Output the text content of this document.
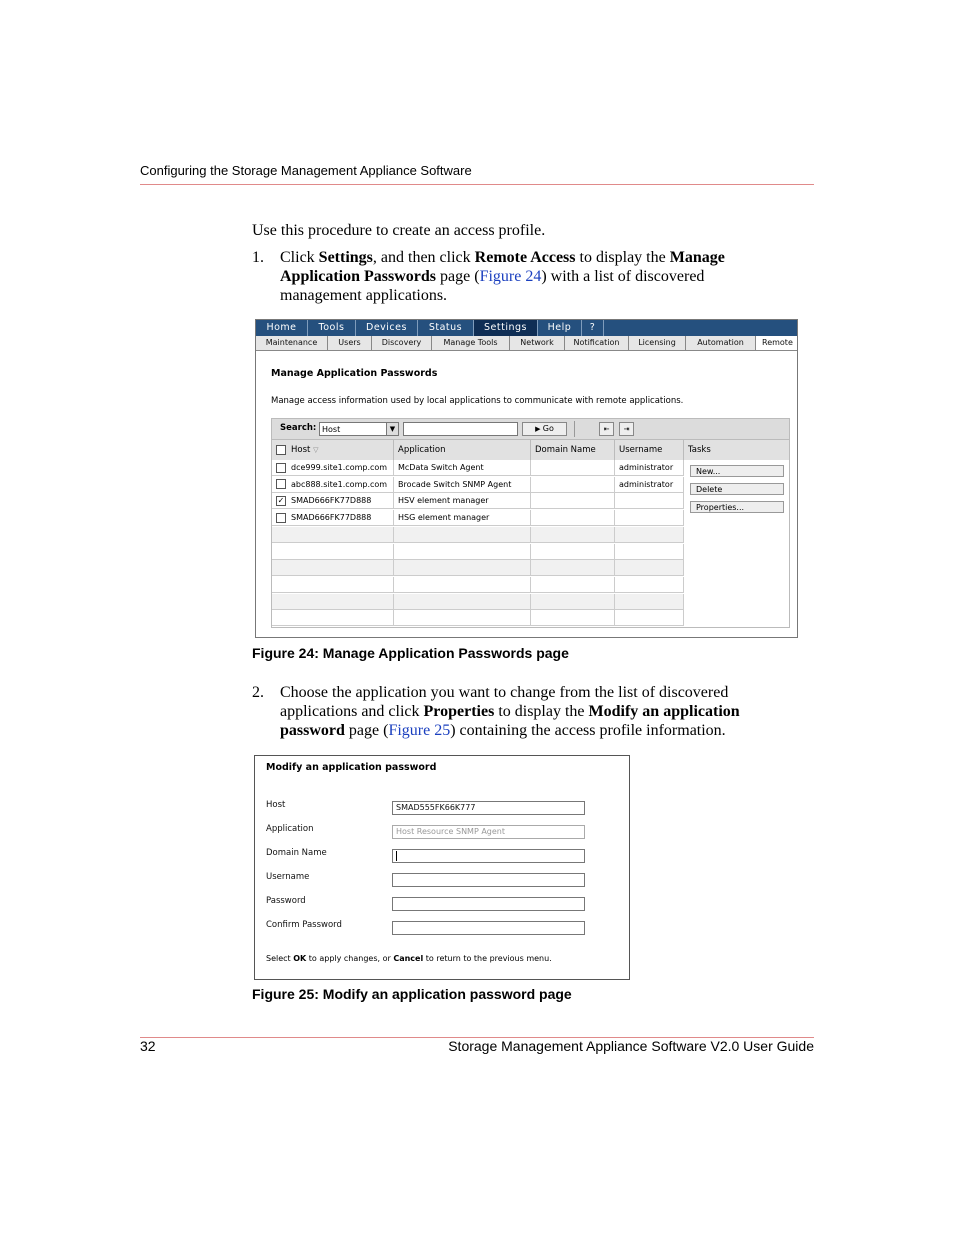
Configuring the Storage Management Appliance Software
Use this procedure to create an access profile.
1. Click Settings, and then click Remote Access to display the Manage Application Passwords page (Figure 24) with a list of discovered management applications.
Home	Tools	Devices	Status	Settings	Help	?
Maintenance	Users	Discovery	Manage Tools	Network	Notification	Licensing	Automation	Remote
Manage Application Passwords
Manage access information used by local applications to communicate with remote applications.
Search: Host	▼	▶ Go	⇤	⇥
Host ▽	Application	Domain Name	Username	Tasks
dce999.site1.comp.com	McData Switch Agent	administrator
abc888.site1.comp.com	Brocade Switch SNMP Agent	administrator
✓ SMAD666FK77D888	HSV element manager
SMAD666FK77D888	HSG element manager
New...
Delete
Properties...
Figure 24: Manage Application Passwords page
2. Choose the application you want to change from the list of discovered applications and click Properties to display the Modify an application password page (Figure 25) containing the access profile information.
Modify an application password
Host	SMAD555FK66K777
Application	Host Resource SNMP Agent
Domain Name
Username
Password
Confirm Password
Select OK to apply changes, or Cancel to return to the previous menu.
Figure 25: Modify an application password page
32	Storage Management Appliance Software V2.0 User Guide
